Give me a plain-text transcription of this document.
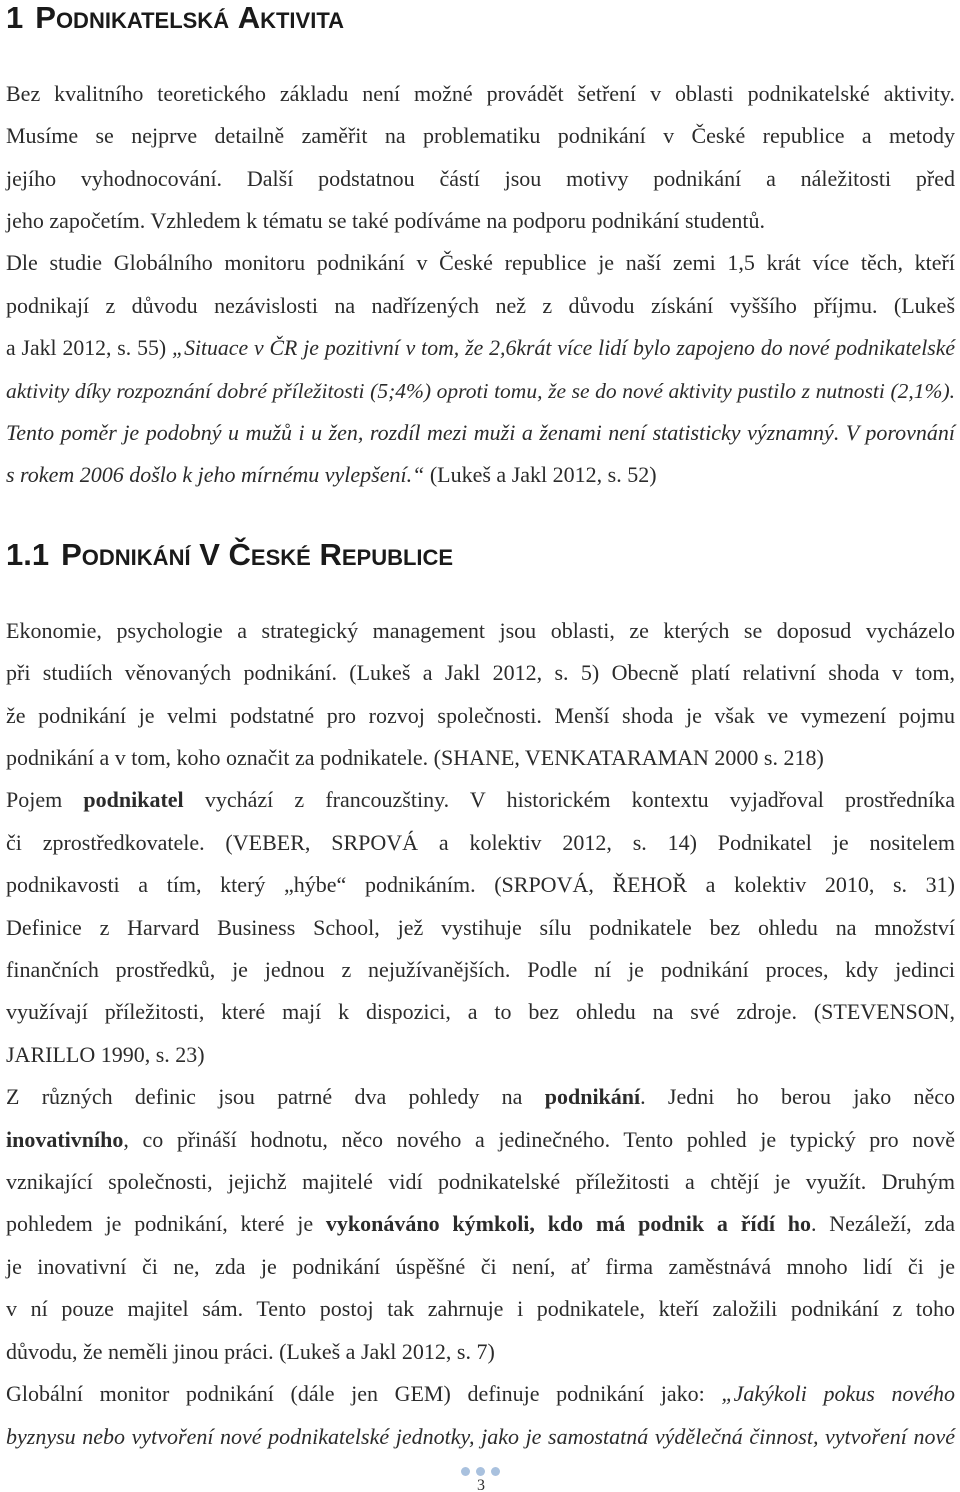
1 podnikatelská aktivita
Bez kvalitního teoretického základu není možné provádět šetření v oblasti podnikatelské aktivity.
Musíme se nejprve detailně zaměřit na problematiku podnikání v České republice a metody
jejího vyhodnocování. Další podstatnou částí jsou motivy podnikání a náležitosti před
jeho započetím. Vzhledem k tématu se také podíváme na podporu podnikání studentů.
Dle studie Globálního monitoru podnikání v České republice je naší zemi 1,5 krát více těch, kteří
podnikají z důvodu nezávislosti na nadřízených než z důvodu získání vyššího příjmu. (Lukeš
a Jakl 2012, s. 55) „Situace v ČR je pozitivní v tom, že 2,6krát více lidí bylo zapojeno do nové podnikatelské
aktivity díky rozpoznání dobré příležitosti (5;4%) oproti tomu, že se do nové aktivity pustilo z nutnosti (2,1%).
Tento poměr je podobný u mužů i u žen, rozdíl mezi muži a ženami není statisticky významný. V porovnání
s rokem 2006 došlo k jeho mírnému vylepšení.“ (Lukeš a Jakl 2012, s. 52)
1.1 podnikání v české republice
Ekonomie, psychologie a strategický management jsou oblasti, ze kterých se doposud vycházelo
při studiích věnovaných podnikání. (Lukeš a Jakl 2012, s. 5) Obecně platí relativní shoda v tom,
že podnikání je velmi podstatné pro rozvoj společnosti. Menší shoda je však ve vymezení pojmu
podnikání a v tom, koho označit za podnikatele. (SHANE, VENKATARAMAN 2000 s. 218)
Pojem podnikatel vychází z francouzštiny. V historickém kontextu vyjadřoval prostředníka
či zprostředkovatele. (VEBER, SRPOVÁ a kolektiv 2012, s. 14) Podnikatel je nositelem
podnikavosti a tím, který „hýbe“ podnikáním. (SRPOVÁ, ŘEHOŘ a kolektiv 2010, s. 31)
Definice z Harvard Business School, jež vystihuje sílu podnikatele bez ohledu na množství
finančních prostředků, je jednou z nejužívanějších. Podle ní je podnikání proces, kdy jedinci
využívají příležitosti, které mají k dispozici, a to bez ohledu na své zdroje. (STEVENSON,
JARILLO 1990, s. 23)
Z různých definic jsou patrné dva pohledy na podnikání. Jedni ho berou jako něco
inovativního, co přináší hodnotu, něco nového a jedinečného. Tento pohled je typický pro nově
vznikající společnosti, jejichž majitelé vidí podnikatelské příležitosti a chtějí je využít. Druhým
pohledem je podnikání, které je vykonáváno kýmkoli, kdo má podnik a řídí ho. Nezáleží, zda
je inovativní či ne, zda je podnikání úspěšné či není, ať firma zaměstnává mnoho lidí či je
v ní pouze majitel sám. Tento postoj tak zahrnuje i podnikatele, kteří založili podnikání z toho
důvodu, že neměli jinou práci. (Lukeš a Jakl 2012, s. 7)
Globální monitor podnikání (dále jen GEM) definuje podnikání jako: „Jakýkoli pokus nového
byznysu nebo vytvoření nové podnikatelské jednotky, jako je samostatná výdělečná činnost, vytvoření nové
3
